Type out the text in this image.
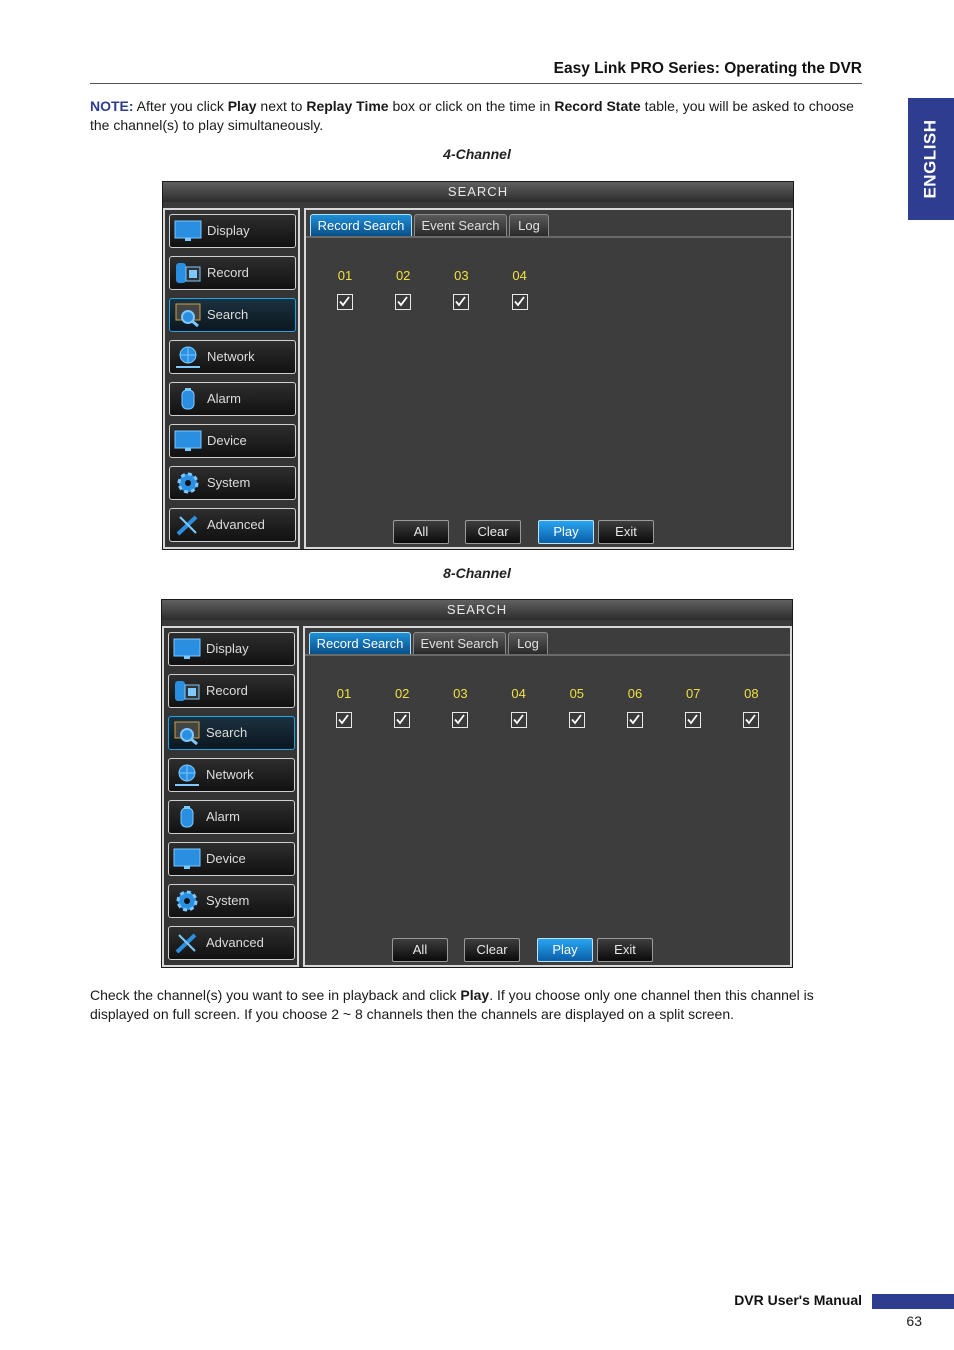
Easy Link PRO Series: Operating the DVR
ENGLISH
NOTE: After you click Play next to Replay Time box or click on the time in Record State table, you will be asked to choose the channel(s) to play simultaneously.
4-Channel
SEARCH
Display
Record
Search
Network
Alarm
Device
System
Advanced
Record Search	Event Search	Log
01	02	03	04
All	Clear	Play	Exit
8-Channel
SEARCH
Display
Record
Search
Network
Alarm
Device
System
Advanced
Record Search	Event Search	Log
01	02	03	04	05	06	07	08
All	Clear	Play	Exit
Check the channel(s) you want to see in playback and click Play. If you choose only one channel then this channel is displayed on full screen. If you choose 2 ~ 8 channels then the channels are displayed on a split screen.
DVR User's Manual
63
